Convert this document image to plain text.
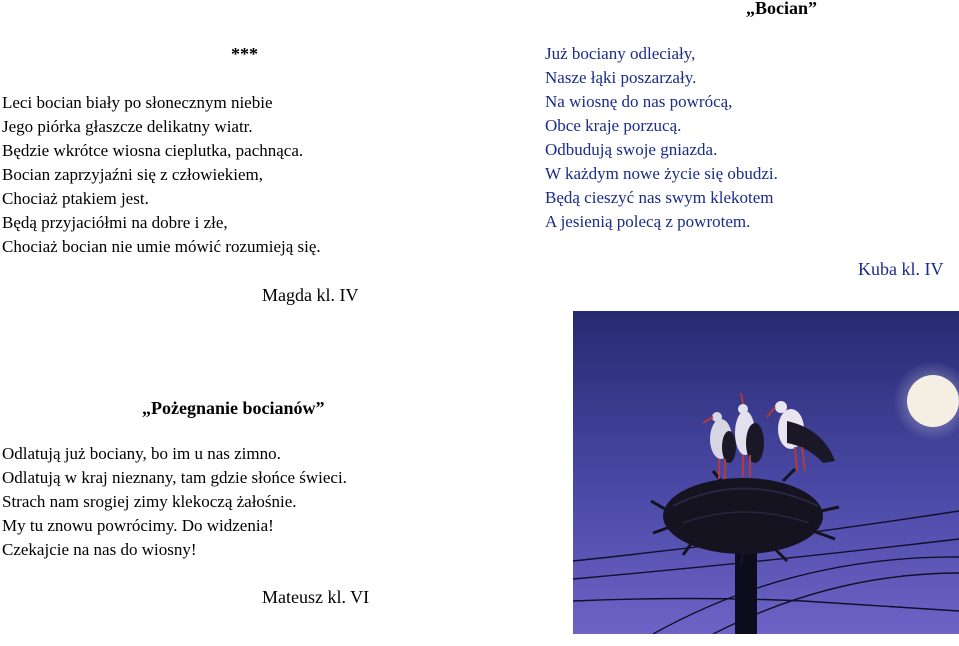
***
Leci bocian biały po słonecznym niebie
Jego piórka głaszcze delikatny wiatr.
Będzie wkrótce wiosna cieplutka, pachnąca.
Bocian zaprzyjaźni się z człowiekiem,
Chociaż ptakiem jest.
Będą przyjaciółmi na dobre i złe,
Chociaż bocian nie umie mówić rozumieją się.
Magda kl. IV
„Bocian”
Już bociany odleciały,
Nasze łąki poszarzały.
Na wiosnę do nas powrócą,
Obce kraje porzucą.
Odbudują swoje gniazda.
W każdym nowe życie się obudzi.
Będą cieszyć nas swym klekotem
A jesienią polecą z powrotem.
Kuba kl. IV
„Pożegnanie bocianów”
Odlatują już bociany, bo im u nas zimno.
Odlatują w kraj nieznany, tam gdzie słońce świeci.
Strach nam srogiej zimy klekoczą żałośnie.
My tu znowu powrócimy. Do widzenia!
Czekajcie na nas do wiosny!
Mateusz kl. VI
